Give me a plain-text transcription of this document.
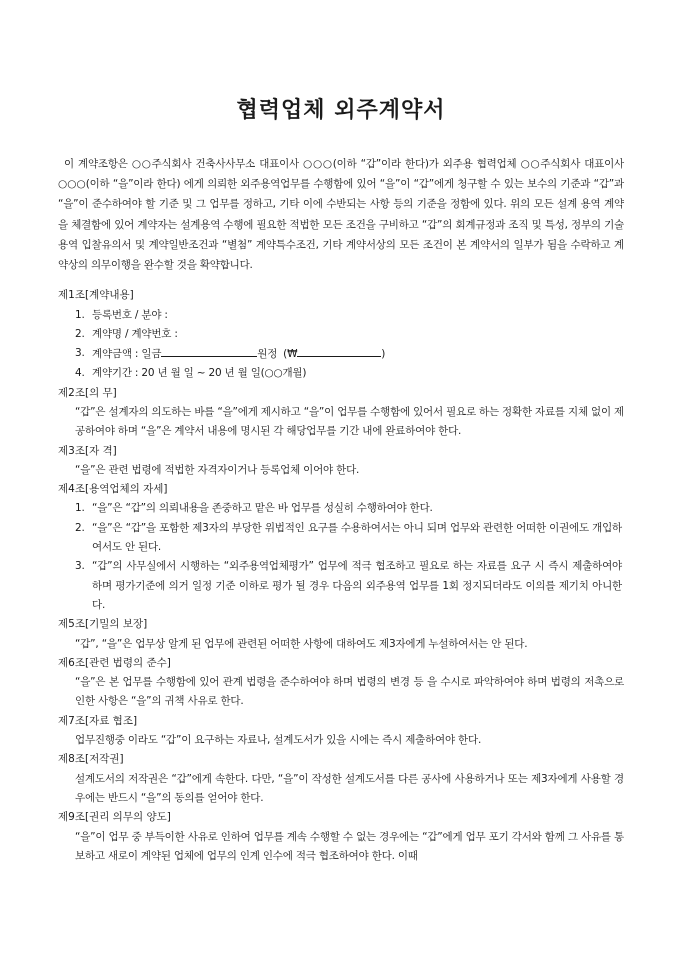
협력업체 외주계약서

이 계약조항은 ○○주식회사 건축사사무소 대표이사 ○○○(이하 “갑”이라 한다)가 외주용 협력업체 ○○주식회사 대표이사 ○○○(이하 “을”이라 한다) 에게 의뢰한 외주용역업무를 수행함에 있어 “을”이 “갑”에게 청구할 수 있는 보수의 기준과 “갑”과 “을”이 준수하여야 할 기준 및 그 업무를 정하고, 기타 이에 수반되는 사항 등의 기준을 정함에 있다. 위의 모든 설계 용역 계약을 체결함에 있어 계약자는 설계용역 수행에 필요한 적법한 모든 조건을 구비하고 “갑”의 회계규정과 조직 및 특성, 정부의 기술용역 입찰유의서 및 계약일반조건과 “별첨” 계약특수조건, 기타 계약서상의 모든 조건이 본 계약서의 일부가 됨을 수락하고 계약상의 의무이행을 완수할 것을 확약합니다.

제1조[계약내용]
1. 등록번호 / 분야 :
2. 계약명 / 계약번호 :
3. 계약금액 : 일금	원정 (₩	)
4. 계약기간 : 20 년 월 일 ~ 20 년 월 일(○○개월)
제2조[의 무]
“갑”은 설계자의 의도하는 바를 “을”에게 제시하고 “을”이 업무를 수행함에 있어서 필요로 하는 정확한 자료를 지체 없이 제공하여야 하며 “을”은 계약서 내용에 명시된 각 해당업무를 기간 내에 완료하여야 한다.
제3조[자 격]
“을”은 관련 법령에 적법한 자격자이거나 등록업체 이어야 한다.
제4조[용역업체의 자세]
1. “을”은 “갑”의 의뢰내용을 존중하고 맡은 바 업무를 성실히 수행하여야 한다.
2. “을”은 “갑”을 포함한 제3자의 부당한 위법적인 요구를 수용하여서는 아니 되며 업무와 관련한 어떠한 이권에도 개입하여서도 안 된다.
3. “갑”의 사무실에서 시행하는 “외주용역업체평가” 업무에 적극 협조하고 필요로 하는 자료를 요구 시 즉시 제출하여야 하며 평가기준에 의거 일정 기준 이하로 평가 될 경우 다음의 외주용역 업무를 1회 정지되더라도 이의를 제기치 아니한다.
제5조[기밀의 보장]
“갑”, “을”은 업무상 알게 된 업무에 관련된 어떠한 사항에 대하여도 제3자에게 누설하여서는 안 된다.
제6조[관련 법령의 준수]
“을”은 본 업무를 수행함에 있어 관계 법령을 준수하여야 하며 법령의 변경 등 을 수시로 파악하여야 하며 법령의 저촉으로 인한 사항은 “을”의 귀책 사유로 한다.
제7조[자료 협조]
업무진행중 이라도 “갑”이 요구하는 자료나, 설계도서가 있을 시에는 즉시 제출하여야 한다.
제8조[저작권]
설계도서의 저작권은 “갑”에게 속한다. 다만, “을”이 작성한 설계도서를 다른 공사에 사용하거나 또는 제3자에게 사용할 경우에는 반드시 “을”의 동의를 얻어야 한다.
제9조[권리 의무의 양도]
“을”이 업무 중 부득이한 사유로 인하여 업무를 계속 수행할 수 없는 경우에는 “갑”에게 업무 포기 각서와 함께 그 사유를 통보하고 새로이 계약된 업체에 업무의 인계 인수에 적극 협조하여야 한다. 이때
